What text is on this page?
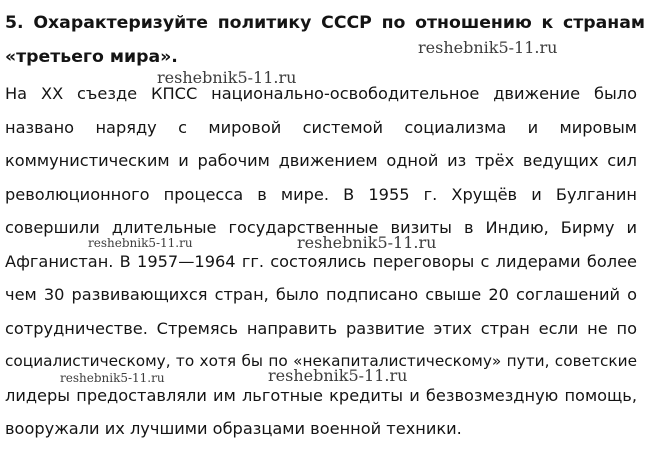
5. Охарактеризуйте политику СССР по отношению к странам
«третьего мира».
На XX съезде КПСС национально-освободительное движение было
названо наряду с мировой системой социализма и мировым
коммунистическим и рабочим движением одной из трёх ведущих сил
революционного процесса в мире. В 1955 г. Хрущёв и Булганин
совершили длительные государственные визиты в Индию, Бирму и
Афганистан. В 1957—1964 гг. состоялись переговоры с лидерами более
чем 30 развивающихся стран, было подписано свыше 20 соглашений о
сотрудничестве. Стремясь направить развитие этих стран если не по
социалистическому, то хотя бы по «некапиталистическому» пути, советские
лидеры предоставляли им льготные кредиты и безвозмездную помощь,
вооружали их лучшими образцами военной техники.
reshebnik5-11.ru
reshebnik5-11.ru
reshebnik5-11.ru	reshebnik5-11.ru
reshebnik5-11.ru	reshebnik5-11.ru
